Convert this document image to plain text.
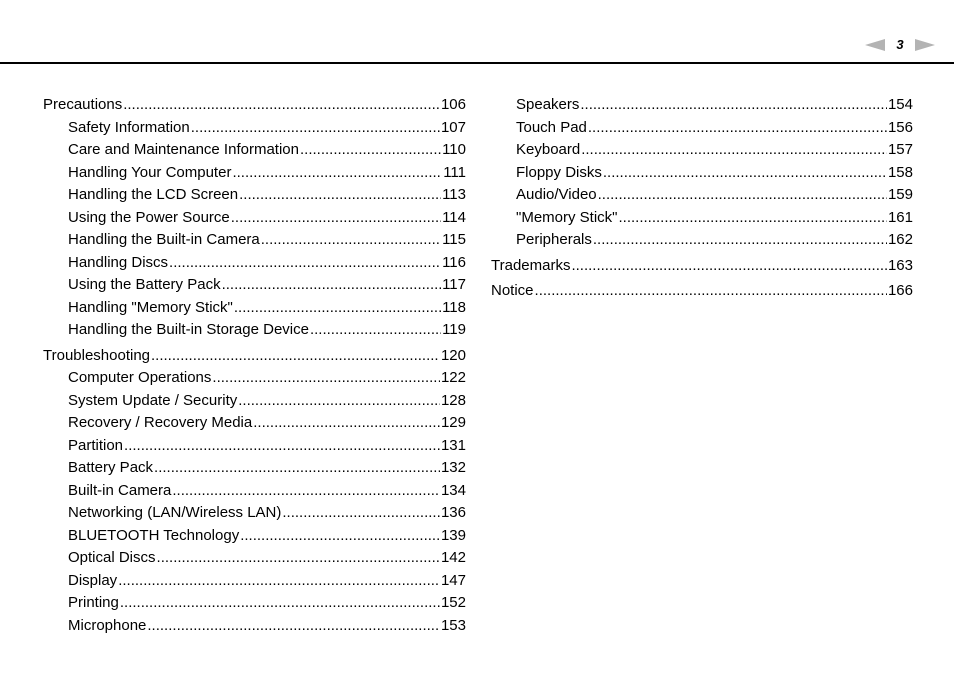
3
Precautions .....	106
Safety Information .....	107
Care and Maintenance Information .....	110
Handling Your Computer .....	111
Handling the LCD Screen .....	113
Using the Power Source .....	114
Handling the Built-in Camera .....	115
Handling Discs .....	116
Using the Battery Pack .....	117
Handling "Memory Stick" .....	118
Handling the Built-in Storage Device .....	119
Troubleshooting .....	120
Computer Operations .....	122
System Update / Security .....	128
Recovery / Recovery Media .....	129
Partition .....	131
Battery Pack .....	132
Built-in Camera .....	134
Networking (LAN/Wireless LAN) .....	136
BLUETOOTH Technology .....	139
Optical Discs .....	142
Display .....	147
Printing .....	152
Microphone .....	153
Speakers .....	154
Touch Pad .....	156
Keyboard .....	157
Floppy Disks .....	158
Audio/Video .....	159
"Memory Stick" .....	161
Peripherals .....	162
Trademarks .....	163
Notice .....	166
